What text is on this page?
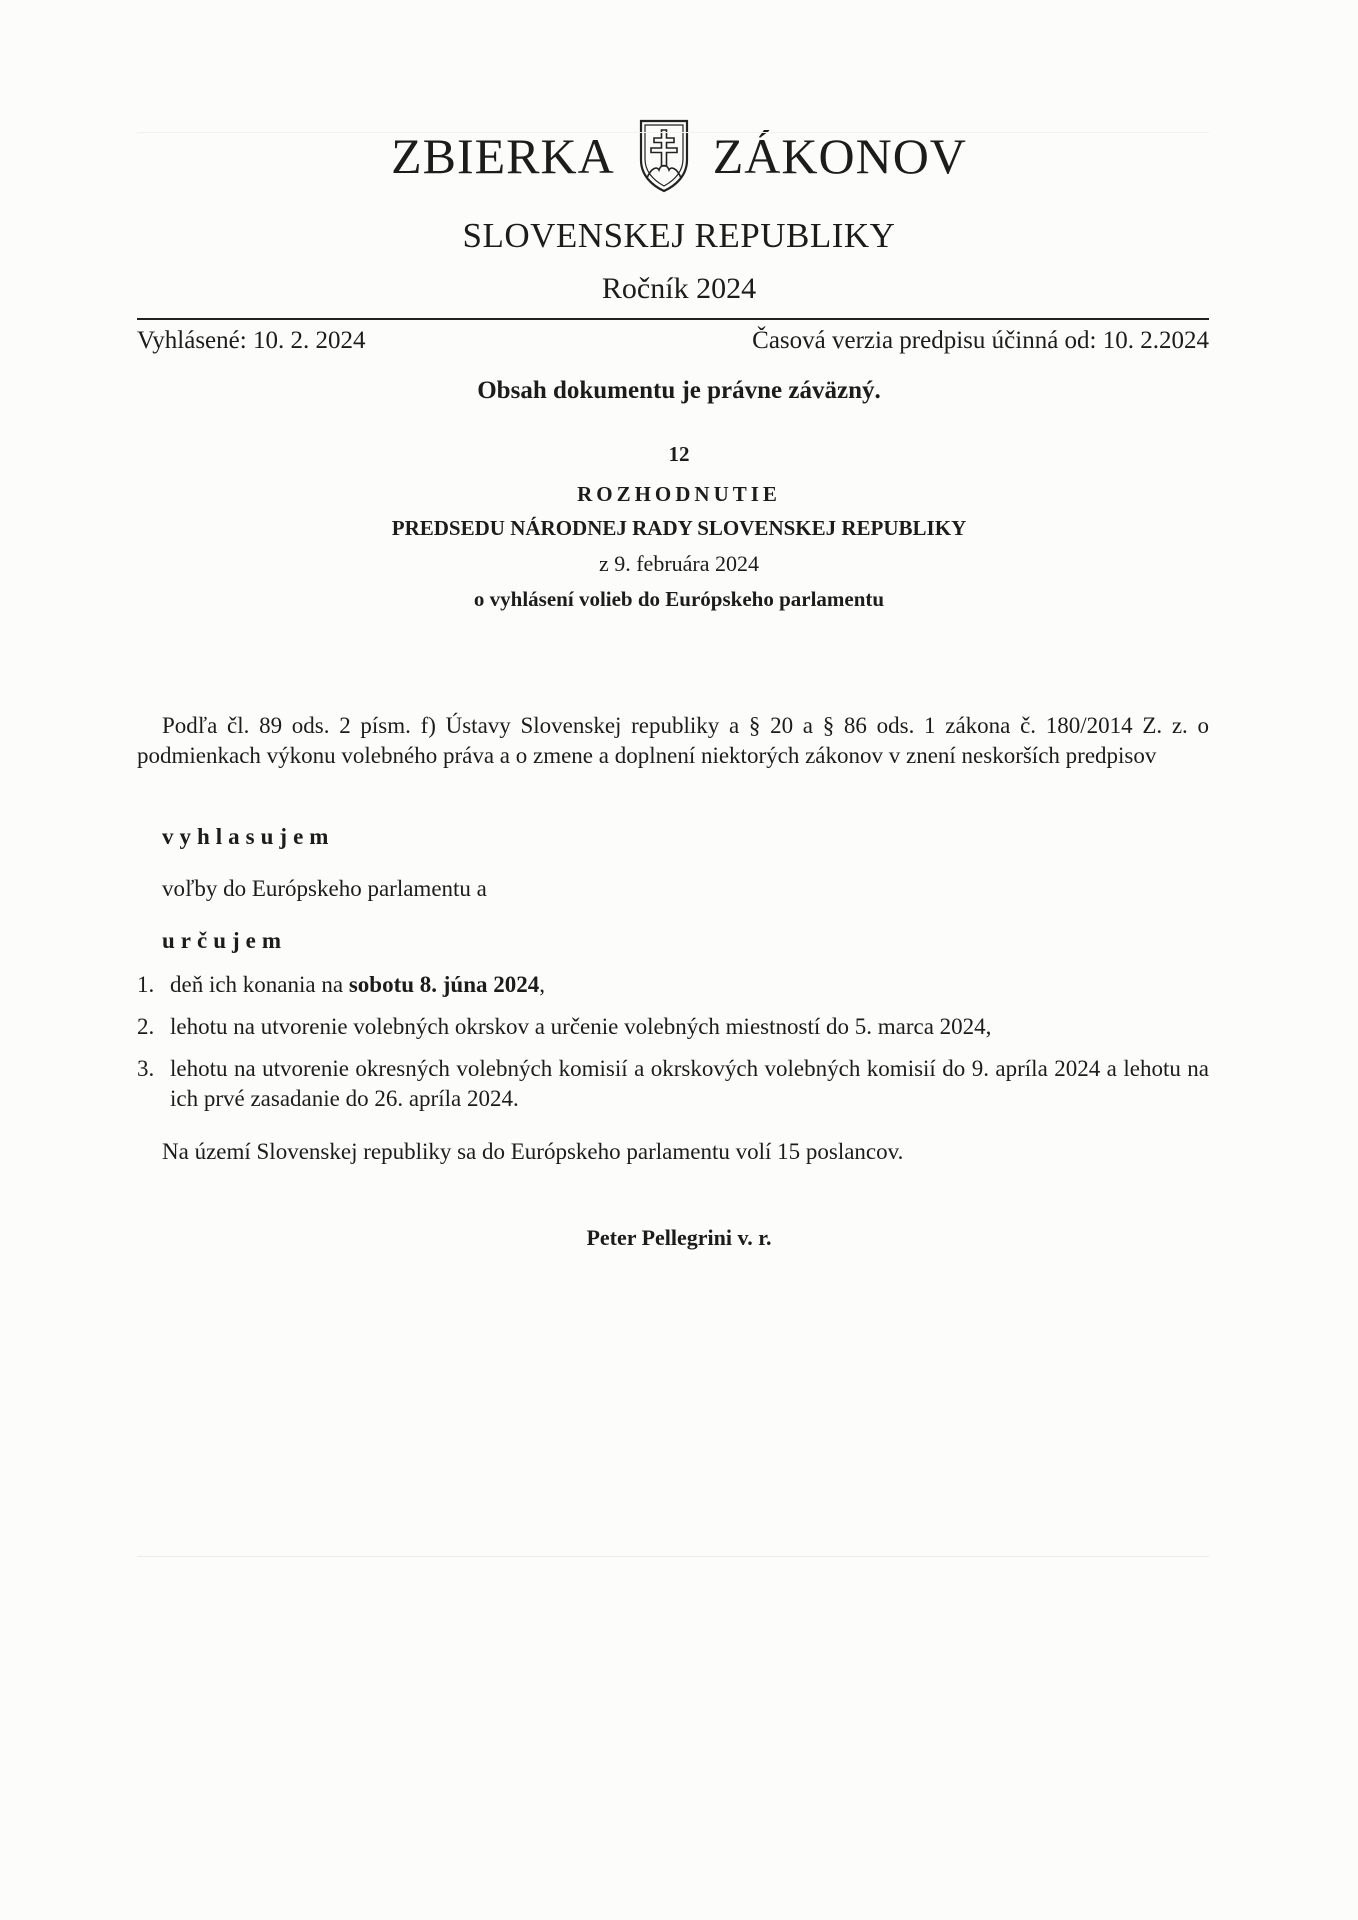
ZBIERKA ZÁKONOV
SLOVENSKEJ REPUBLIKY
Ročník 2024
Vyhlásené: 10. 2. 2024	Časová verzia predpisu účinná od: 10. 2.2024
Obsah dokumentu je právne záväzný.
12
ROZHODNUTIE
PREDSEDU NÁRODNEJ RADY SLOVENSKEJ REPUBLIKY
z 9. februára 2024
o vyhlásení volieb do Európskeho parlamentu
Podľa čl. 89 ods. 2 písm. f) Ústavy Slovenskej republiky a § 20 a § 86 ods. 1 zákona č. 180/2014 Z. z. o podmienkach výkonu volebného práva a o zmene a doplnení niektorých zákonov v znení neskorších predpisov
vyhlasujem
voľby do Európskeho parlamentu a
určujem
1. deň ich konania na sobotu 8. júna 2024,
2. lehotu na utvorenie volebných okrskov a určenie volebných miestností do 5. marca 2024,
3. lehotu na utvorenie okresných volebných komisií a okrskových volebných komisií do 9. apríla 2024 a lehotu na ich prvé zasadanie do 26. apríla 2024.
Na území Slovenskej republiky sa do Európskeho parlamentu volí 15 poslancov.
Peter Pellegrini v. r.
